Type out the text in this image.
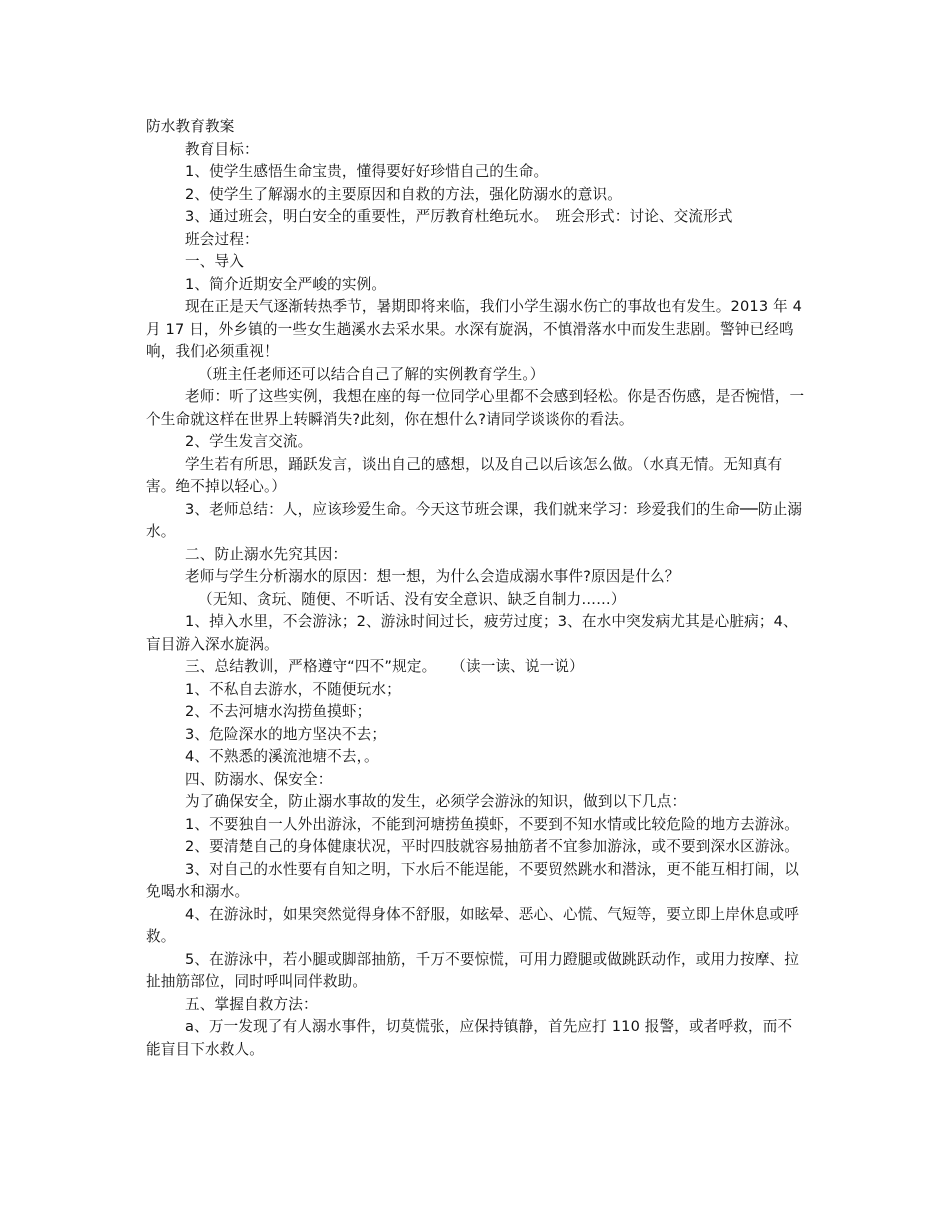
防水教育教案

教育目标：

1、使学生感悟生命宝贵，懂得要好好珍惜自己的生命。

2、使学生了解溺水的主要原因和自救的方法，强化防溺水的意识。

3、通过班会，明白安全的重要性，严厉教育杜绝玩水。　班会形式：讨论、交流形式

班会过程：

一、导入

1、简介近期安全严峻的实例。

现在正是天气逐渐转热季节，暑期即将来临，我们小学生溺水伤亡的事故也有发生。2013 年 4 月 17 日，外乡镇的一些女生趟溪水去采水果。水深有旋涡，不慎滑落水中而发生悲剧。警钟已经鸣响，我们必须重视！

（班主任老师还可以结合自己了解的实例教育学生。）

老师：听了这些实例，我想在座的每一位同学心里都不会感到轻松。你是否伤感，是否惋惜，一个生命就这样在世界上转瞬消失?此刻，你在想什么?请同学谈谈你的看法。

2、学生发言交流。

学生若有所思，踊跃发言，谈出自己的感想，以及自己以后该怎么做。（水真无情。无知真有害。绝不掉以轻心。）

3、老师总结：人，应该珍爱生命。今天这节班会课，我们就来学习：珍爱我们的生命──防止溺水。

二、防止溺水先究其因：

老师与学生分析溺水的原因：想一想，为什么会造成溺水事件?原因是什么？

（无知、贪玩、随便、不听话、没有安全意识、缺乏自制力……）

1、掉入水里，不会游泳；2、游泳时间过长，疲劳过度；3、在水中突发病尤其是心脏病；4、盲目游入深水旋涡。

三、总结教训，严格遵守“四不”规定。　　（读一读、说一说）

1、不私自去游水，不随便玩水；

2、不去河塘水沟捞鱼摸虾；

3、危险深水的地方坚决不去；

4、不熟悉的溪流池塘不去，。

四、防溺水、保安全：

为了确保安全，防止溺水事故的发生，必须学会游泳的知识，做到以下几点：

1、不要独自一人外出游泳，不能到河塘捞鱼摸虾，不要到不知水情或比较危险的地方去游泳。

2、要清楚自己的身体健康状况，平时四肢就容易抽筋者不宜参加游泳，或不要到深水区游泳。

3、对自己的水性要有自知之明，下水后不能逞能，不要贸然跳水和潜泳，更不能互相打闹，以免喝水和溺水。

4、在游泳时，如果突然觉得身体不舒服，如眩晕、恶心、心慌、气短等，要立即上岸休息或呼救。

5、在游泳中，若小腿或脚部抽筋，千万不要惊慌，可用力蹬腿或做跳跃动作，或用力按摩、拉扯抽筋部位，同时呼叫同伴救助。

五、掌握自救方法：

a、万一发现了有人溺水事件，切莫慌张，应保持镇静，首先应打 110 报警，或者呼救，而不能盲目下水救人。
